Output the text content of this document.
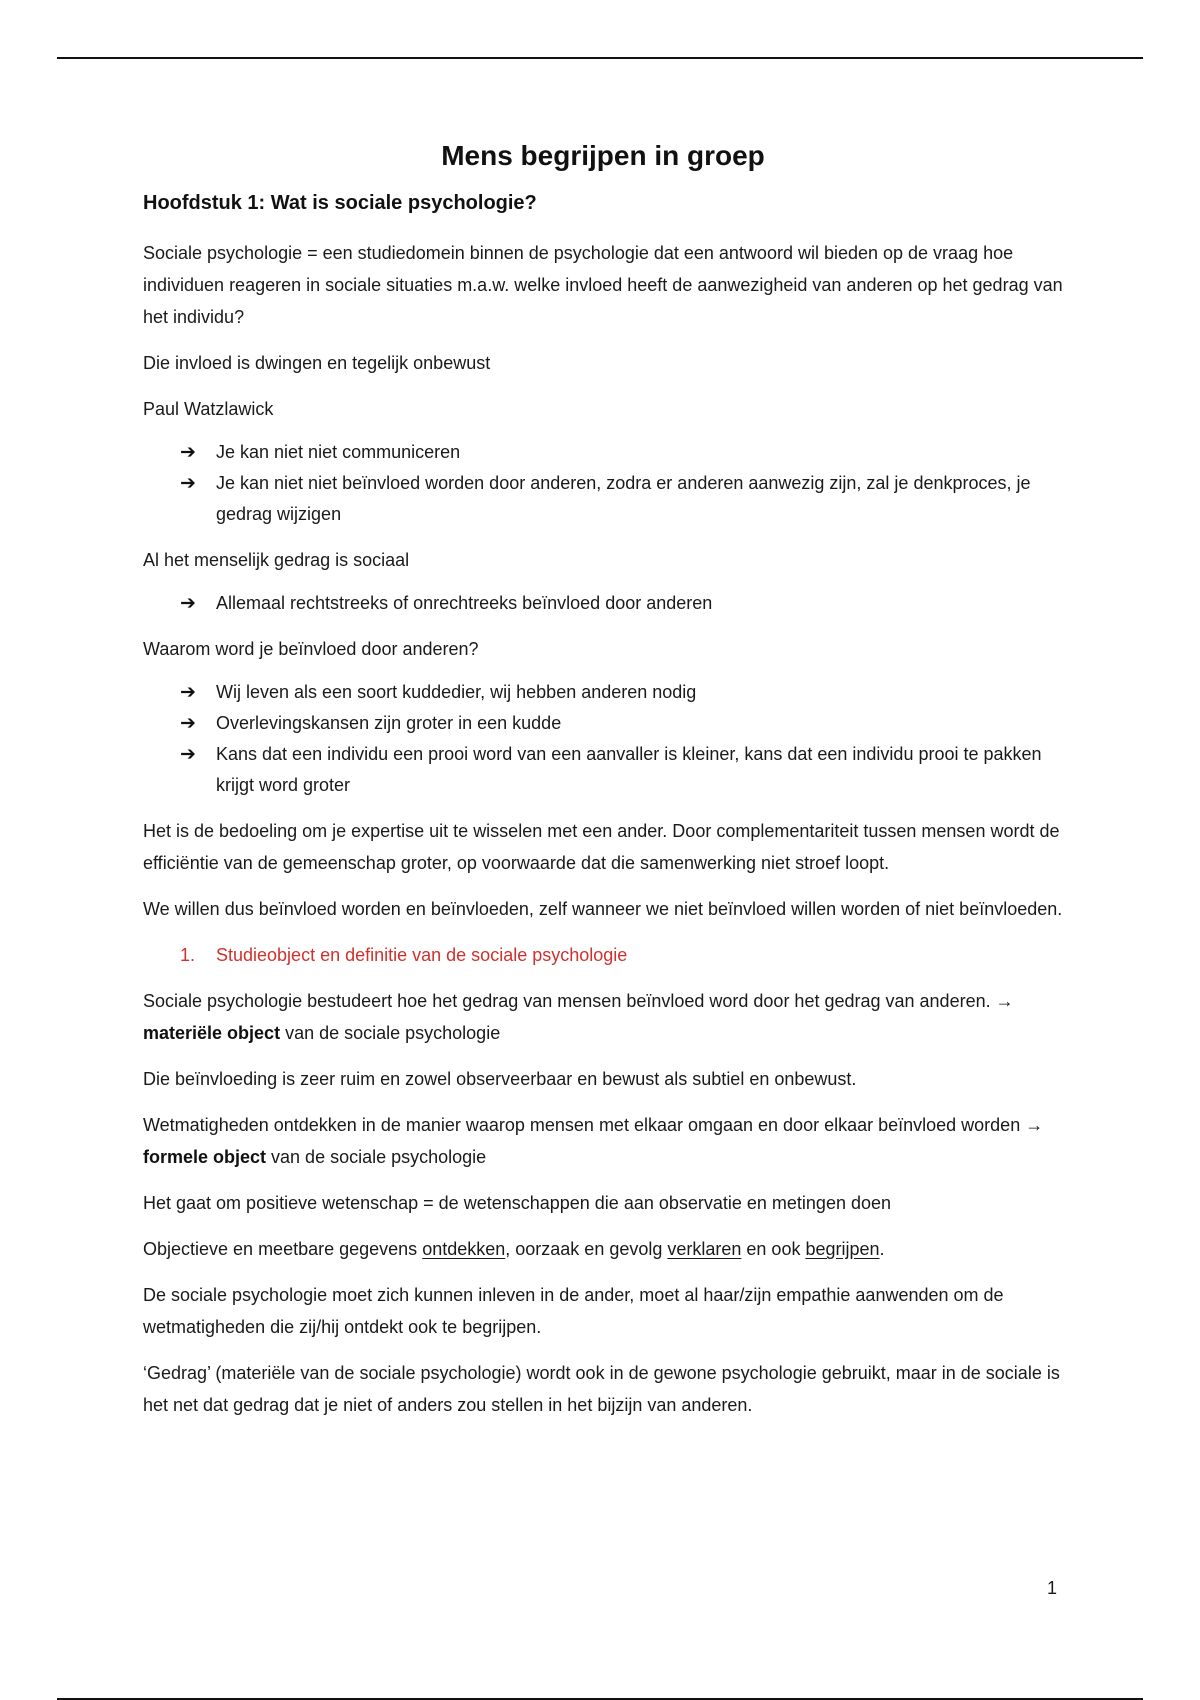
Mens begrijpen in groep
Hoofdstuk 1: Wat is sociale psychologie?

Sociale psychologie = een studiedomein binnen de psychologie dat een antwoord wil bieden op de vraag hoe individuen reageren in sociale situaties m.a.w. welke invloed heeft de aanwezigheid van anderen op het gedrag van het individu?

Die invloed is dwingen en tegelijk onbewust

Paul Watzlawick

➔ Je kan niet niet communiceren
➔ Je kan niet niet beïnvloed worden door anderen, zodra er anderen aanwezig zijn, zal je denkproces, je gedrag wijzigen

Al het menselijk gedrag is sociaal

➔ Allemaal rechtstreeks of onrechtreeks beïnvloed door anderen

Waarom word je beïnvloed door anderen?

➔ Wij leven als een soort kuddedier, wij hebben anderen nodig
➔ Overlevingskansen zijn groter in een kudde
➔ Kans dat een individu een prooi word van een aanvaller is kleiner, kans dat een individu prooi te pakken krijgt word groter

Het is de bedoeling om je expertise uit te wisselen met een ander. Door complementariteit tussen mensen wordt de efficiëntie van de gemeenschap groter, op voorwaarde dat die samenwerking niet stroef loopt.

We willen dus beïnvloed worden en beïnvloeden, zelf wanneer we niet beïnvloed willen worden of niet beïnvloeden.

1. Studieobject en definitie van de sociale psychologie

Sociale psychologie bestudeert hoe het gedrag van mensen beïnvloed word door het gedrag van anderen. → materiële object van de sociale psychologie

Die beïnvloeding is zeer ruim en zowel observeerbaar en bewust als subtiel en onbewust.

Wetmatigheden ontdekken in de manier waarop mensen met elkaar omgaan en door elkaar beïnvloed worden → formele object van de sociale psychologie

Het gaat om positieve wetenschap = de wetenschappen die aan observatie en metingen doen

Objectieve en meetbare gegevens ontdekken, oorzaak en gevolg verklaren en ook begrijpen.

De sociale psychologie moet zich kunnen inleven in de ander, moet al haar/zijn empathie aanwenden om de wetmatigheden die zij/hij ontdekt ook te begrijpen.

‘Gedrag’ (materiële van de sociale psychologie) wordt ook in de gewone psychologie gebruikt, maar in de sociale is het net dat gedrag dat je niet of anders zou stellen in het bijzijn van anderen.

1
